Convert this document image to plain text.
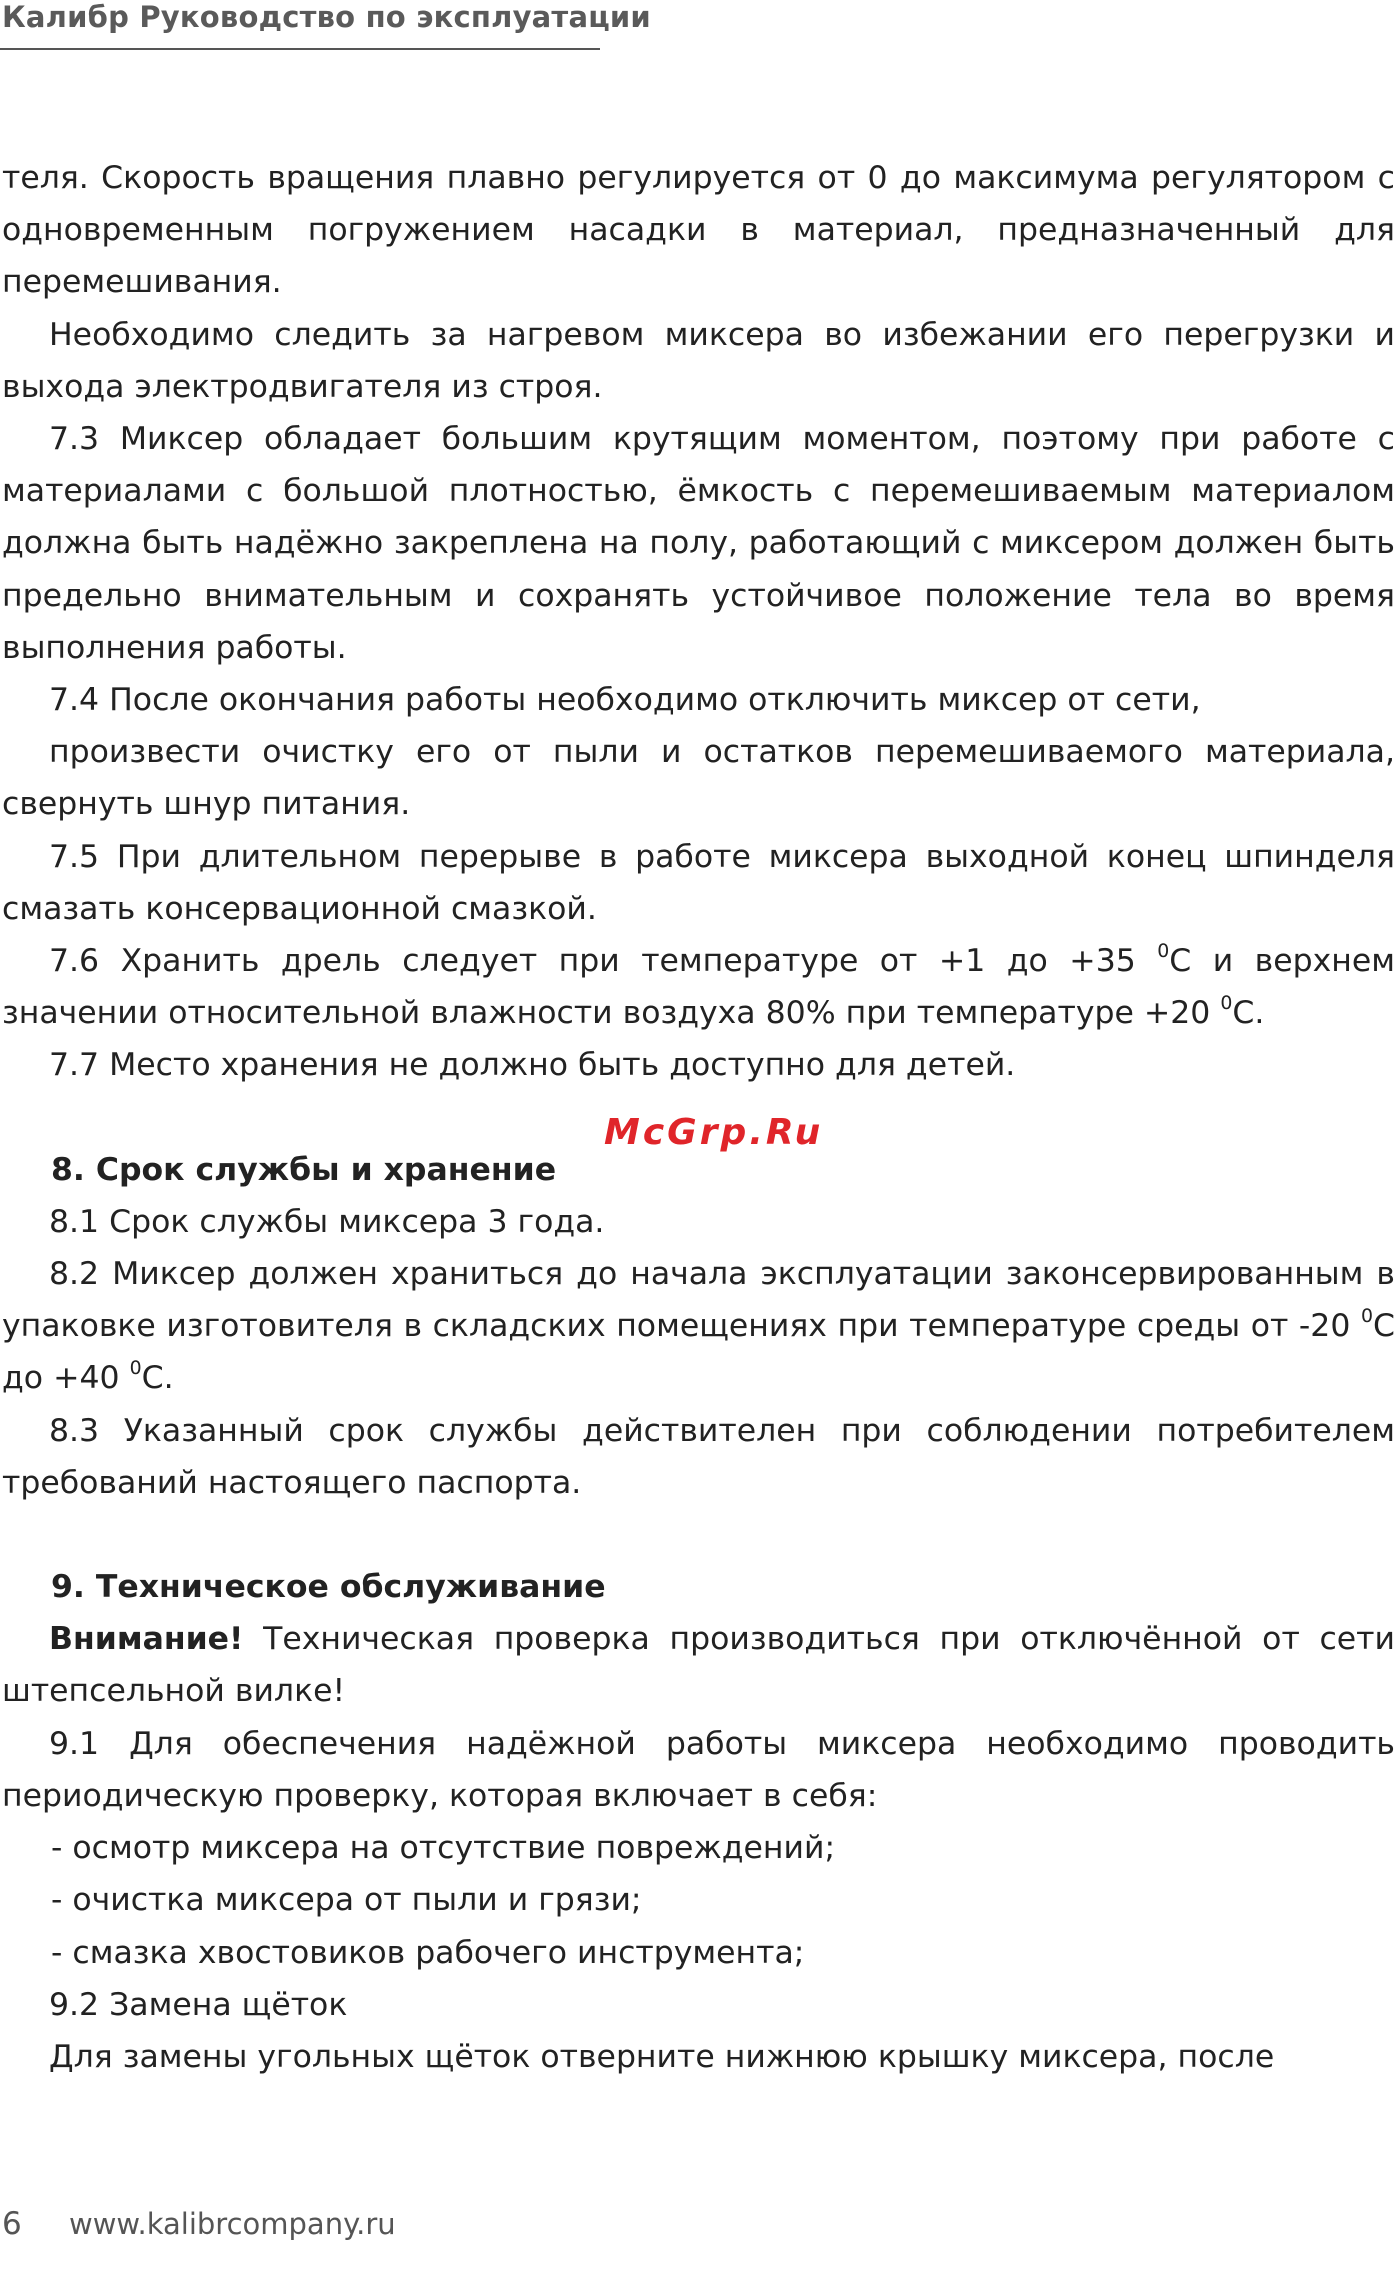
Калибр Руководство по эксплуатации

теля. Скорость вращения плавно регулируется от 0 до максимума регулятором с одновременным погружением насадки в материал, предназначенный для перемешивания.

Необходимо следить за нагревом миксера во избежании его перегрузки и выхода электродвигателя из строя.

7.3 Миксер обладает большим крутящим моментом, поэтому при работе с материалами с большой плотностью, ёмкость с перемешиваемым материалом должна быть надёжно закреплена на полу, работающий с миксером должен быть предельно внимательным и сохранять устойчивое положение тела во время выполнения работы.

7.4 После окончания работы необходимо отключить миксер от сети,

произвести очистку его от пыли и остатков перемешиваемого материала, свернуть шнур питания.

7.5 При длительном перерыве в работе миксера выходной конец шпинделя смазать консервационной смазкой.

7.6 Хранить дрель следует при температуре от +1 до +35 $^0$С и верхнем значении относительной влажности воздуха 80% при температуре +20 $^0$С.

7.7 Место хранения не должно быть доступно для детей.

8. Срок службы и хранение

8.1 Срок службы миксера 3 года.

8.2 Миксер должен храниться до начала эксплуатации законсервированным в упаковке изготовителя в складских помещениях при температуре среды от -20 $^0$С до +40 $^0$С.

8.3 Указанный срок службы действителен при соблюдении потребителем требований настоящего паспорта.

9. Техническое обслуживание

Внимание! Техническая проверка производиться при отключённой от сети штепсельной вилке!

9.1 Для обеспечения надёжной работы миксера необходимо проводить периодическую проверку, которая включает в себя:

- осмотр миксера на отсутствие повреждений;

- очистка миксера от пыли и грязи;

- смазка хвостовиков рабочего инструмента;

9.2 Замена щёток

Для замены угольных щёток отверните нижнюю крышку миксера, после

McGrp.Ru
6 www.kalibrcompany.ru
